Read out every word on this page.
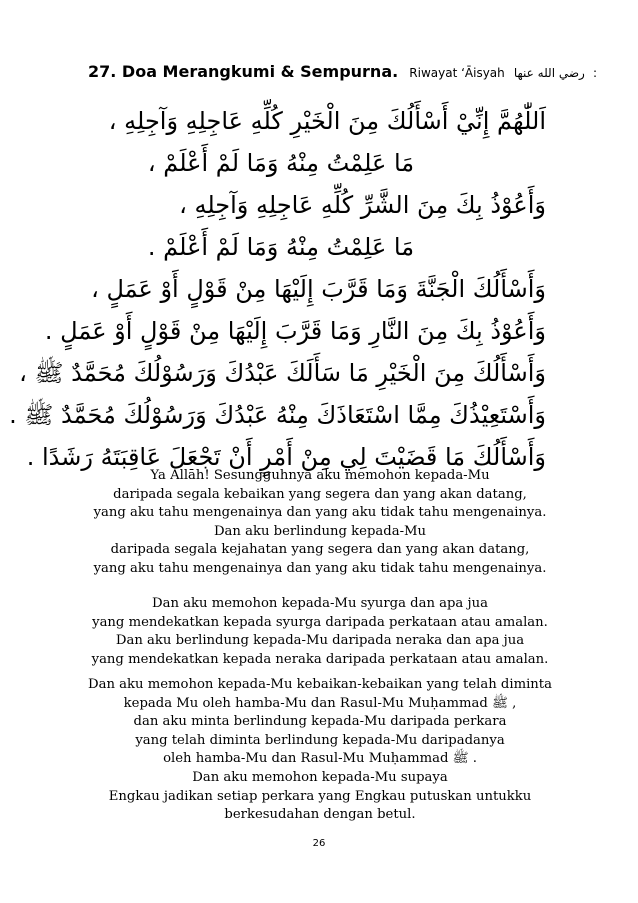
27. Doa Merangkumi & Sempurna. Riwayat ‘Āisyah رضي الله عنها :
اَللّٰهُمَّ إِنِّيْ أَسْأَلُكَ مِنَ الْخَيْرِ كُلِّهِ عَاجِلِهِ وَآجِلِهِ ،
مَا عَلِمْتُ مِنْهُ وَمَا لَمْ أَعْلَمْ ،
وَأَعُوْذُ بِكَ مِنَ الشَّرِّ كُلِّهِ عَاجِلِهِ وَآجِلِهِ ،
مَا عَلِمْتُ مِنْهُ وَمَا لَمْ أَعْلَمْ .
وَأَسْأَلُكَ الْجَنَّةَ وَمَا قَرَّبَ إِلَيْهَا مِنْ قَوْلٍ أَوْ عَمَلٍ ،
وَأَعُوْذُ بِكَ مِنَ النَّارِ وَمَا قَرَّبَ إِلَيْهَا مِنْ قَوْلٍ أَوْ عَمَلٍ .
وَأَسْأَلُكَ مِنَ الْخَيْرِ مَا سَأَلَكَ عَبْدُكَ وَرَسُوْلُكَ مُحَمَّدٌ ﷺ ،
وَأَسْتَعِيْذُكَ مِمَّا اسْتَعَاذَكَ مِنْهُ عَبْدُكَ وَرَسُوْلُكَ مُحَمَّدٌ ﷺ .
وَأَسْأَلُكَ مَا قَضَيْتَ لِي مِنْ أَمْرٍ أَنْ تَجْعَلَ عَاقِبَتَهُ رَشَدًا .
Ya Allāh! Sesungguhnya aku memohon kepada-Mu
daripada segala kebaikan yang segera dan yang akan datang,
yang aku tahu mengenainya dan yang aku tidak tahu mengenainya.
Dan aku berlindung kepada-Mu
daripada segala kejahatan yang segera dan yang akan datang,
yang aku tahu mengenainya dan yang aku tidak tahu mengenainya.
Dan aku memohon kepada-Mu syurga dan apa jua
yang mendekatkan kepada syurga daripada perkataan atau amalan.
Dan aku berlindung kepada-Mu daripada neraka dan apa jua
yang mendekatkan kepada neraka daripada perkataan atau amalan.
Dan aku memohon kepada-Mu kebaikan-kebaikan yang telah diminta
kepada Mu oleh hamba-Mu dan Rasul-Mu Muḥammad ﷺ ,
dan aku minta berlindung kepada-Mu daripada perkara
yang telah diminta berlindung kepada-Mu daripadanya
oleh hamba-Mu dan Rasul-Mu Muḥammad ﷺ .
Dan aku memohon kepada-Mu supaya
Engkau jadikan setiap perkara yang Engkau putuskan untukku
berkesudahan dengan betul.
26
